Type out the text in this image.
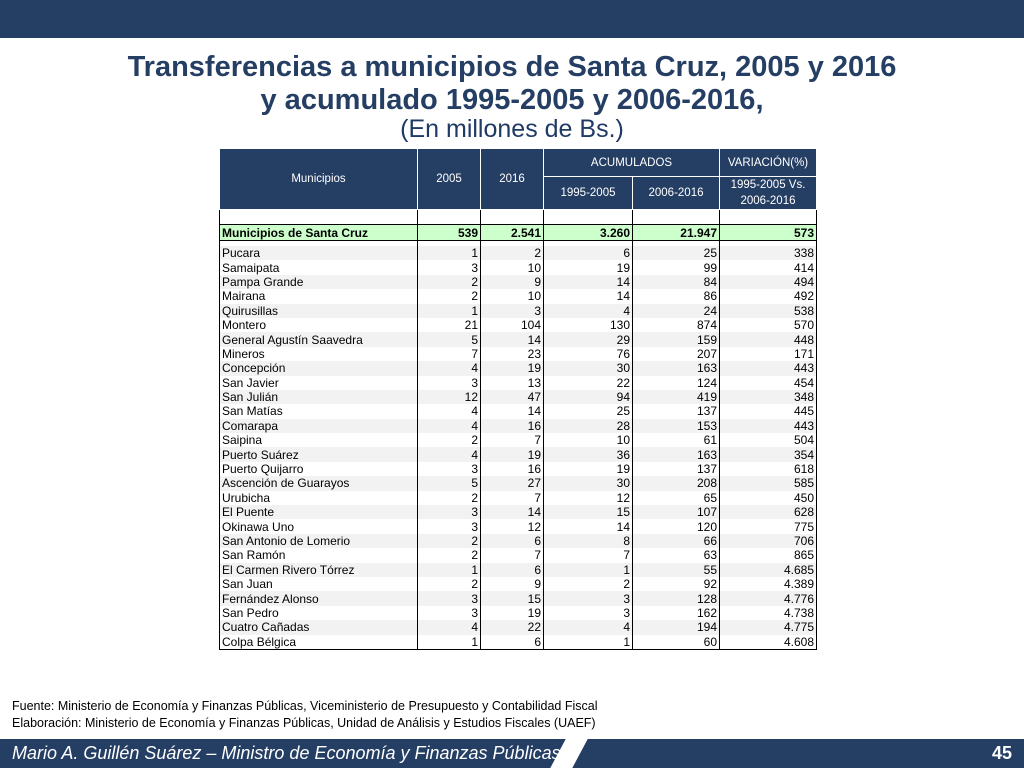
Transferencias a municipios de Santa Cruz, 2005 y 2016
y acumulado 1995-2005 y 2006-2016,
(En millones de Bs.)
Municipios	2005	2016	ACUMULADOS		VARIACIÓN(%)
			1995-2005	2006-2016	1995-2005 Vs.
2006-2016

Municipios de Santa Cruz	539	2.541	3.260	21.947	573

Pucara	1	2	6	25	338
Samaipata	3	10	19	99	414
Pampa Grande	2	9	14	84	494
Mairana	2	10	14	86	492
Quirusillas	1	3	4	24	538
Montero	21	104	130	874	570
General Agustín Saavedra	5	14	29	159	448
Mineros	7	23	76	207	171
Concepción	4	19	30	163	443
San Javier	3	13	22	124	454
San Julián	12	47	94	419	348
San Matías	4	14	25	137	445
Comarapa	4	16	28	153	443
Saipina	2	7	10	61	504
Puerto Suárez	4	19	36	163	354
Puerto Quijarro	3	16	19	137	618
Ascención de Guarayos	5	27	30	208	585
Urubicha	2	7	12	65	450
El Puente	3	14	15	107	628
Okinawa Uno	3	12	14	120	775
San Antonio de Lomerio	2	6	8	66	706
San Ramón	2	7	7	63	865
El Carmen Rivero Tórrez	1	6	1	55	4.685
San Juan	2	9	2	92	4.389
Fernández Alonso	3	15	3	128	4.776
San Pedro	3	19	3	162	4.738
Cuatro Cañadas	4	22	4	194	4.775
Colpa Bélgica	1	6	1	60	4.608
Fuente: Ministerio de Economía y Finanzas Públicas, Viceministerio de Presupuesto y Contabilidad Fiscal
Elaboración: Ministerio de Economía y Finanzas Públicas, Unidad de Análisis y Estudios Fiscales (UAEF)
Mario A. Guillén Suárez – Ministro de Economía y Finanzas Públicas	45
